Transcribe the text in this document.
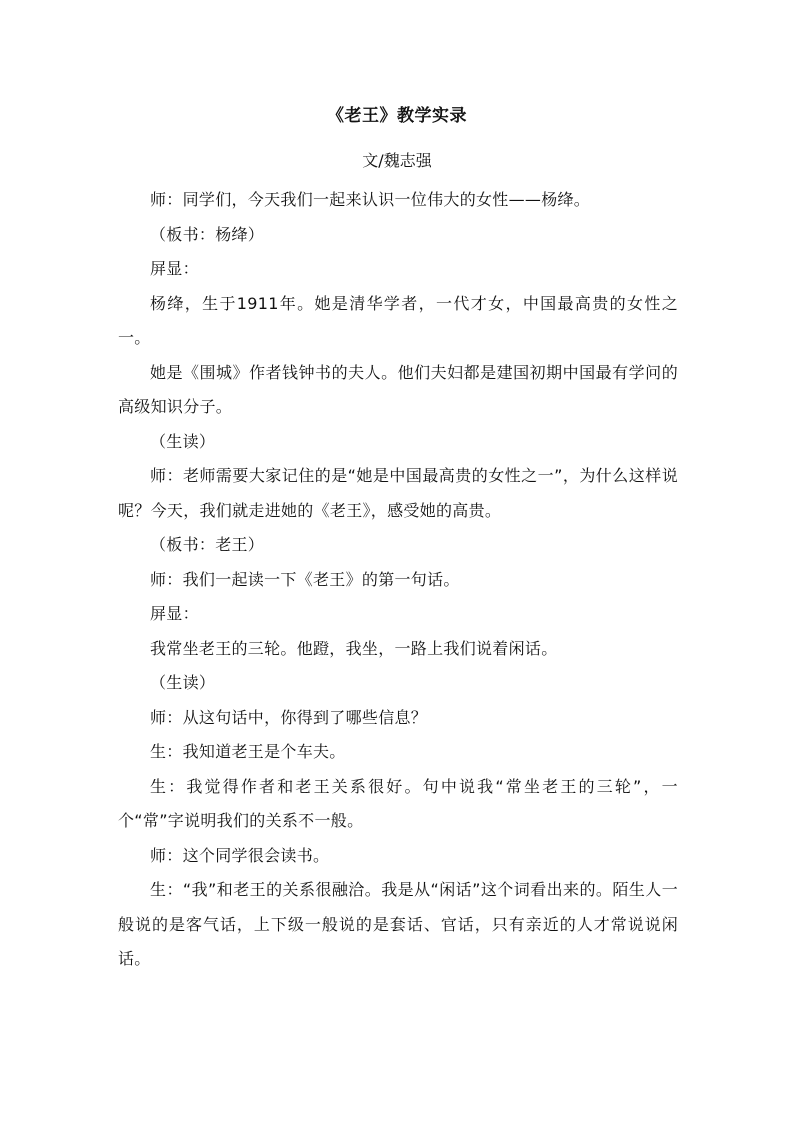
《老王》教学实录

文/魏志强

师：同学们，今天我们一起来认识一位伟大的女性——杨绛。

（板书：杨绛）

屏显：

杨绛，生于1911年。她是清华学者，一代才女，中国最高贵的女性之一。

她是《围城》作者钱钟书的夫人。他们夫妇都是建国初期中国最有学问的高级知识分子。

（生读）

师：老师需要大家记住的是“她是中国最高贵的女性之一”，为什么这样说呢？今天，我们就走进她的《老王》，感受她的高贵。

（板书：老王）

师：我们一起读一下《老王》的第一句话。

屏显：

我常坐老王的三轮。他蹬，我坐，一路上我们说着闲话。

（生读）

师：从这句话中，你得到了哪些信息？

生：我知道老王是个车夫。

生：我觉得作者和老王关系很好。句中说我“常坐老王的三轮”，一个“常”字说明我们的关系不一般。

师：这个同学很会读书。

生：“我”和老王的关系很融洽。我是从“闲话”这个词看出来的。陌生人一般说的是客气话，上下级一般说的是套话、官话，只有亲近的人才常说说闲话。
